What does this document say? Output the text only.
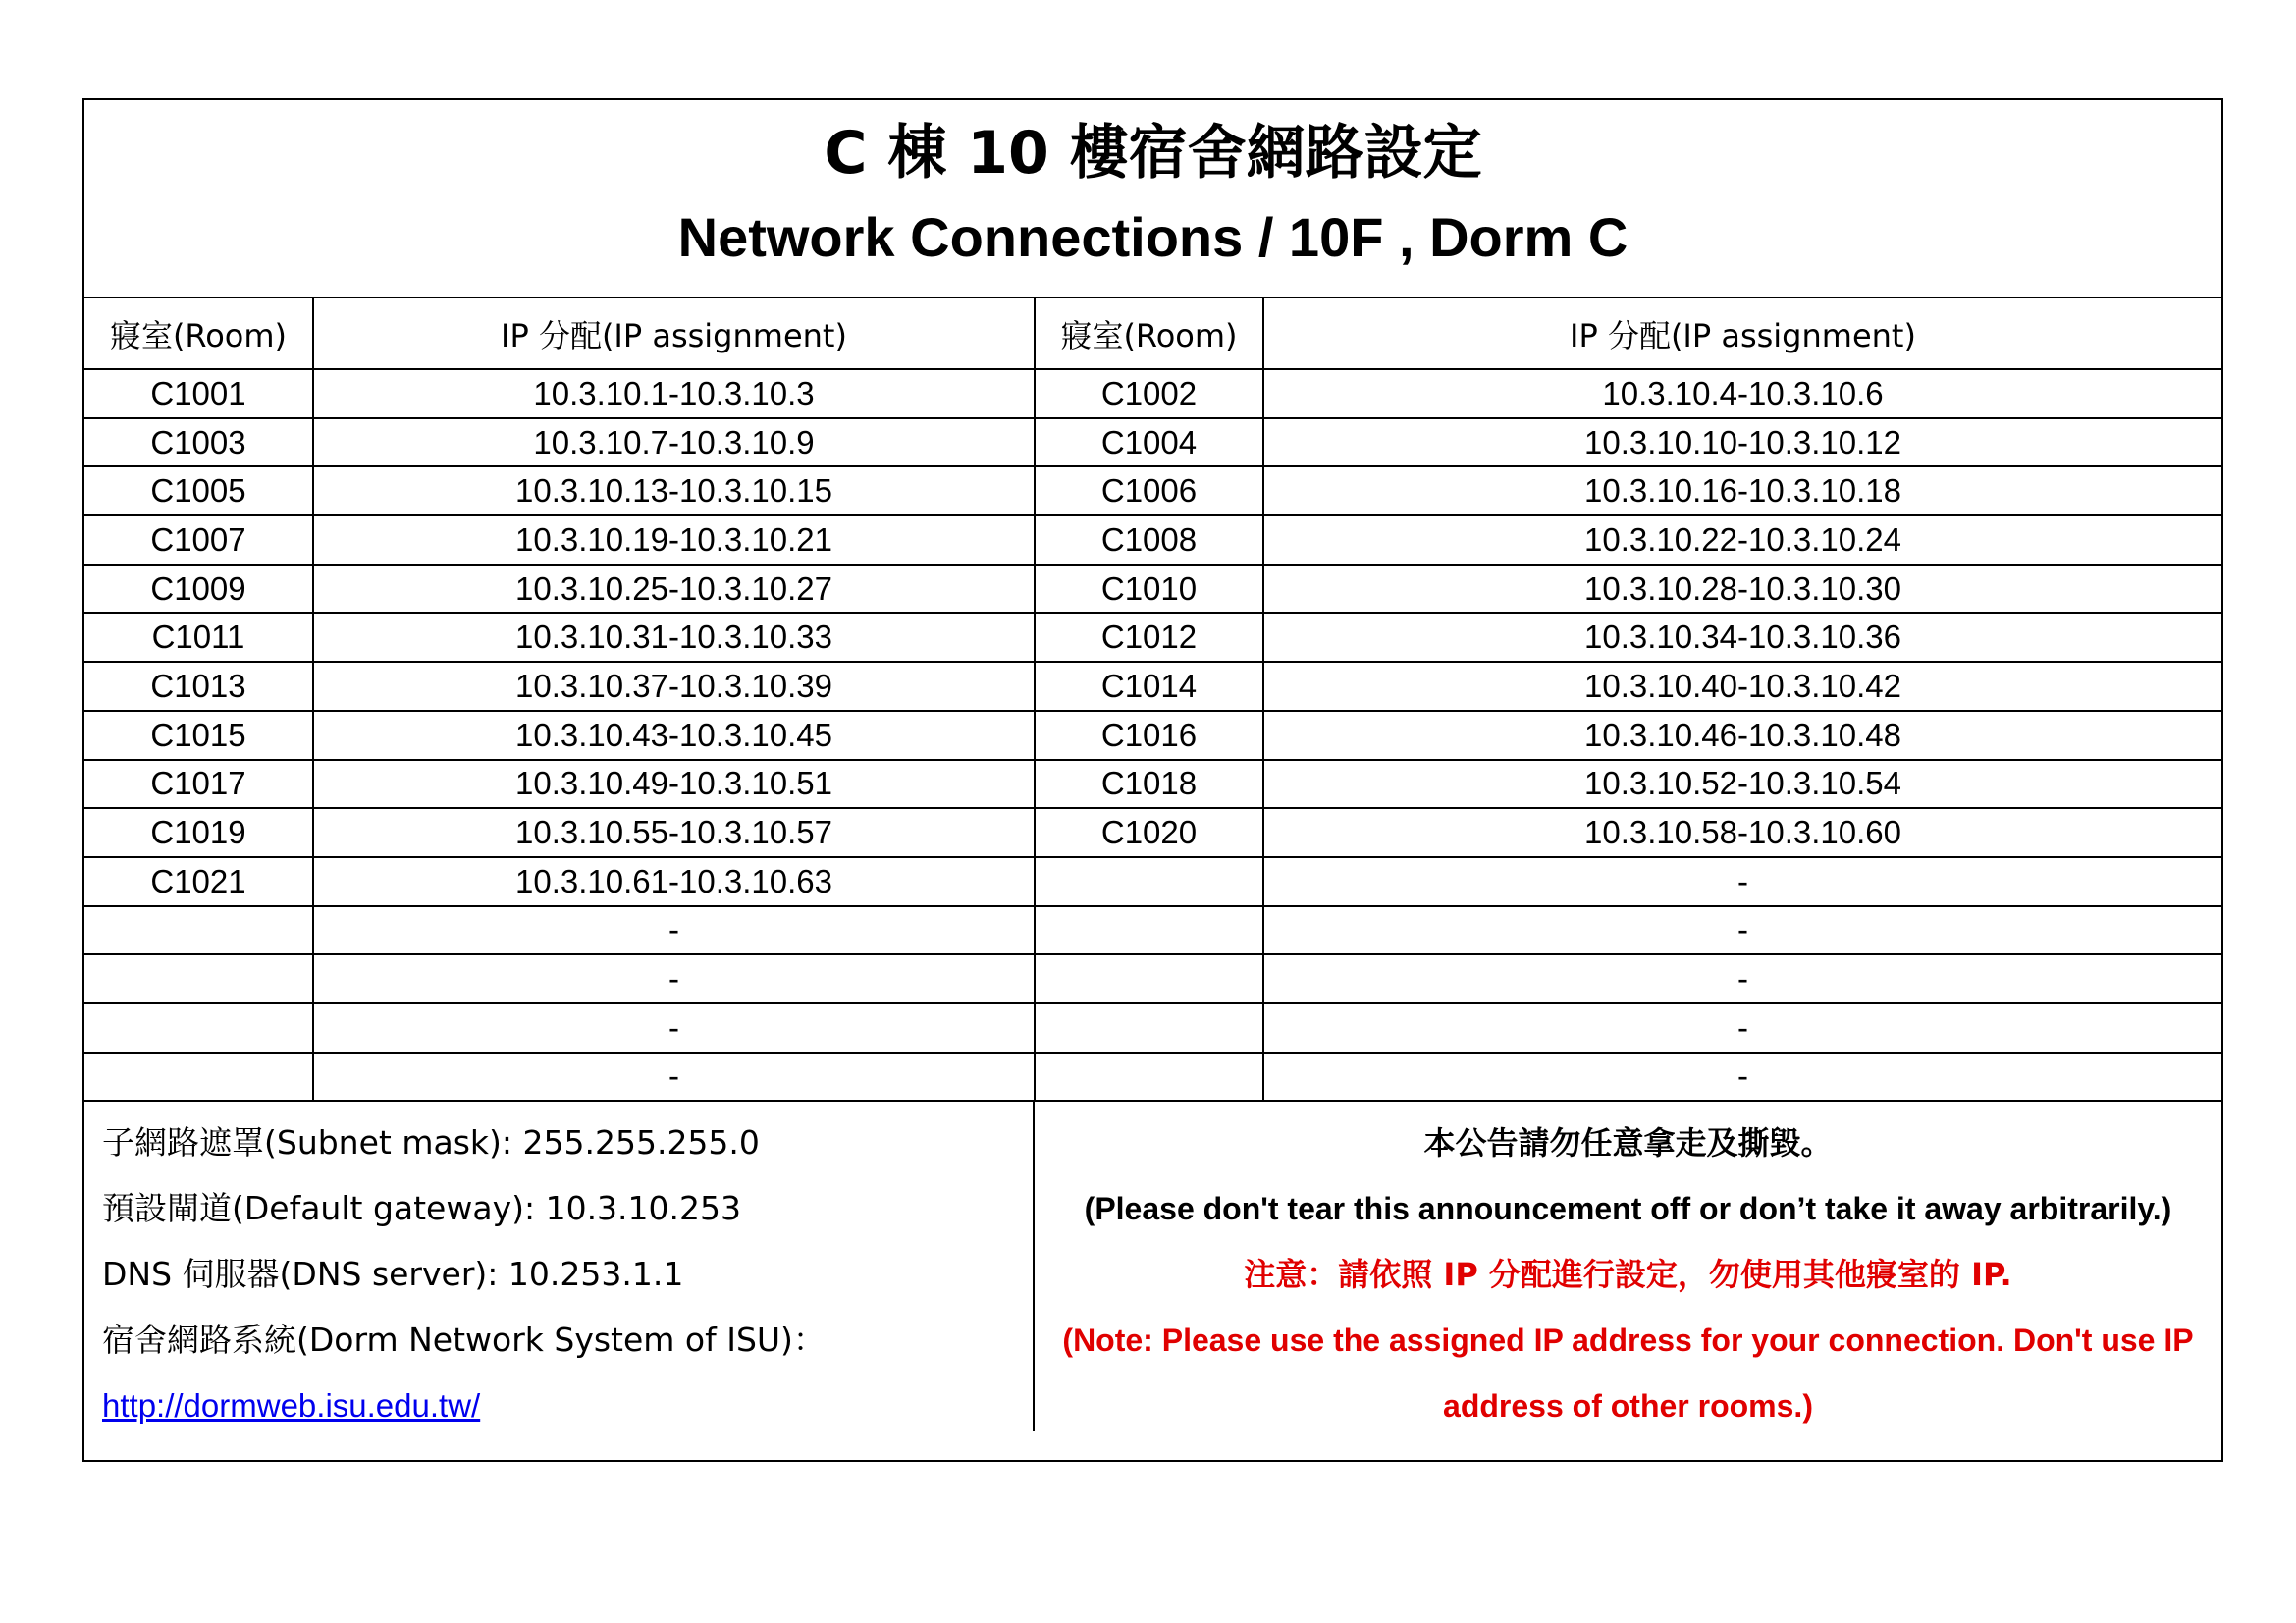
C 棟 10 樓宿舍網路設定
Network Connections / 10F , Dorm C
寢室(Room)	IP 分配(IP assignment)	寢室(Room)	IP 分配(IP assignment)
C1001	10.3.10.1-10.3.10.3	C1002	10.3.10.4-10.3.10.6
C1003	10.3.10.7-10.3.10.9	C1004	10.3.10.10-10.3.10.12
C1005	10.3.10.13-10.3.10.15	C1006	10.3.10.16-10.3.10.18
C1007	10.3.10.19-10.3.10.21	C1008	10.3.10.22-10.3.10.24
C1009	10.3.10.25-10.3.10.27	C1010	10.3.10.28-10.3.10.30
C1011	10.3.10.31-10.3.10.33	C1012	10.3.10.34-10.3.10.36
C1013	10.3.10.37-10.3.10.39	C1014	10.3.10.40-10.3.10.42
C1015	10.3.10.43-10.3.10.45	C1016	10.3.10.46-10.3.10.48
C1017	10.3.10.49-10.3.10.51	C1018	10.3.10.52-10.3.10.54
C1019	10.3.10.55-10.3.10.57	C1020	10.3.10.58-10.3.10.60
C1021	10.3.10.61-10.3.10.63		-
	-		-
	-		-
	-		-
	-		-
子網路遮罩(Subnet mask): 255.255.255.0
預設閘道(Default gateway): 10.3.10.253
DNS 伺服器(DNS server): 10.253.1.1
宿舍網路系統(Dorm Network System of ISU)：
http://dormweb.isu.edu.tw/
本公告請勿任意拿走及撕毀。
(Please don't tear this announcement off or don’t take it away arbitrarily.)
注意：請依照 IP 分配進行設定，勿使用其他寢室的 IP.
(Note: Please use the assigned IP address for your connection. Don't use IP
address of other rooms.)
